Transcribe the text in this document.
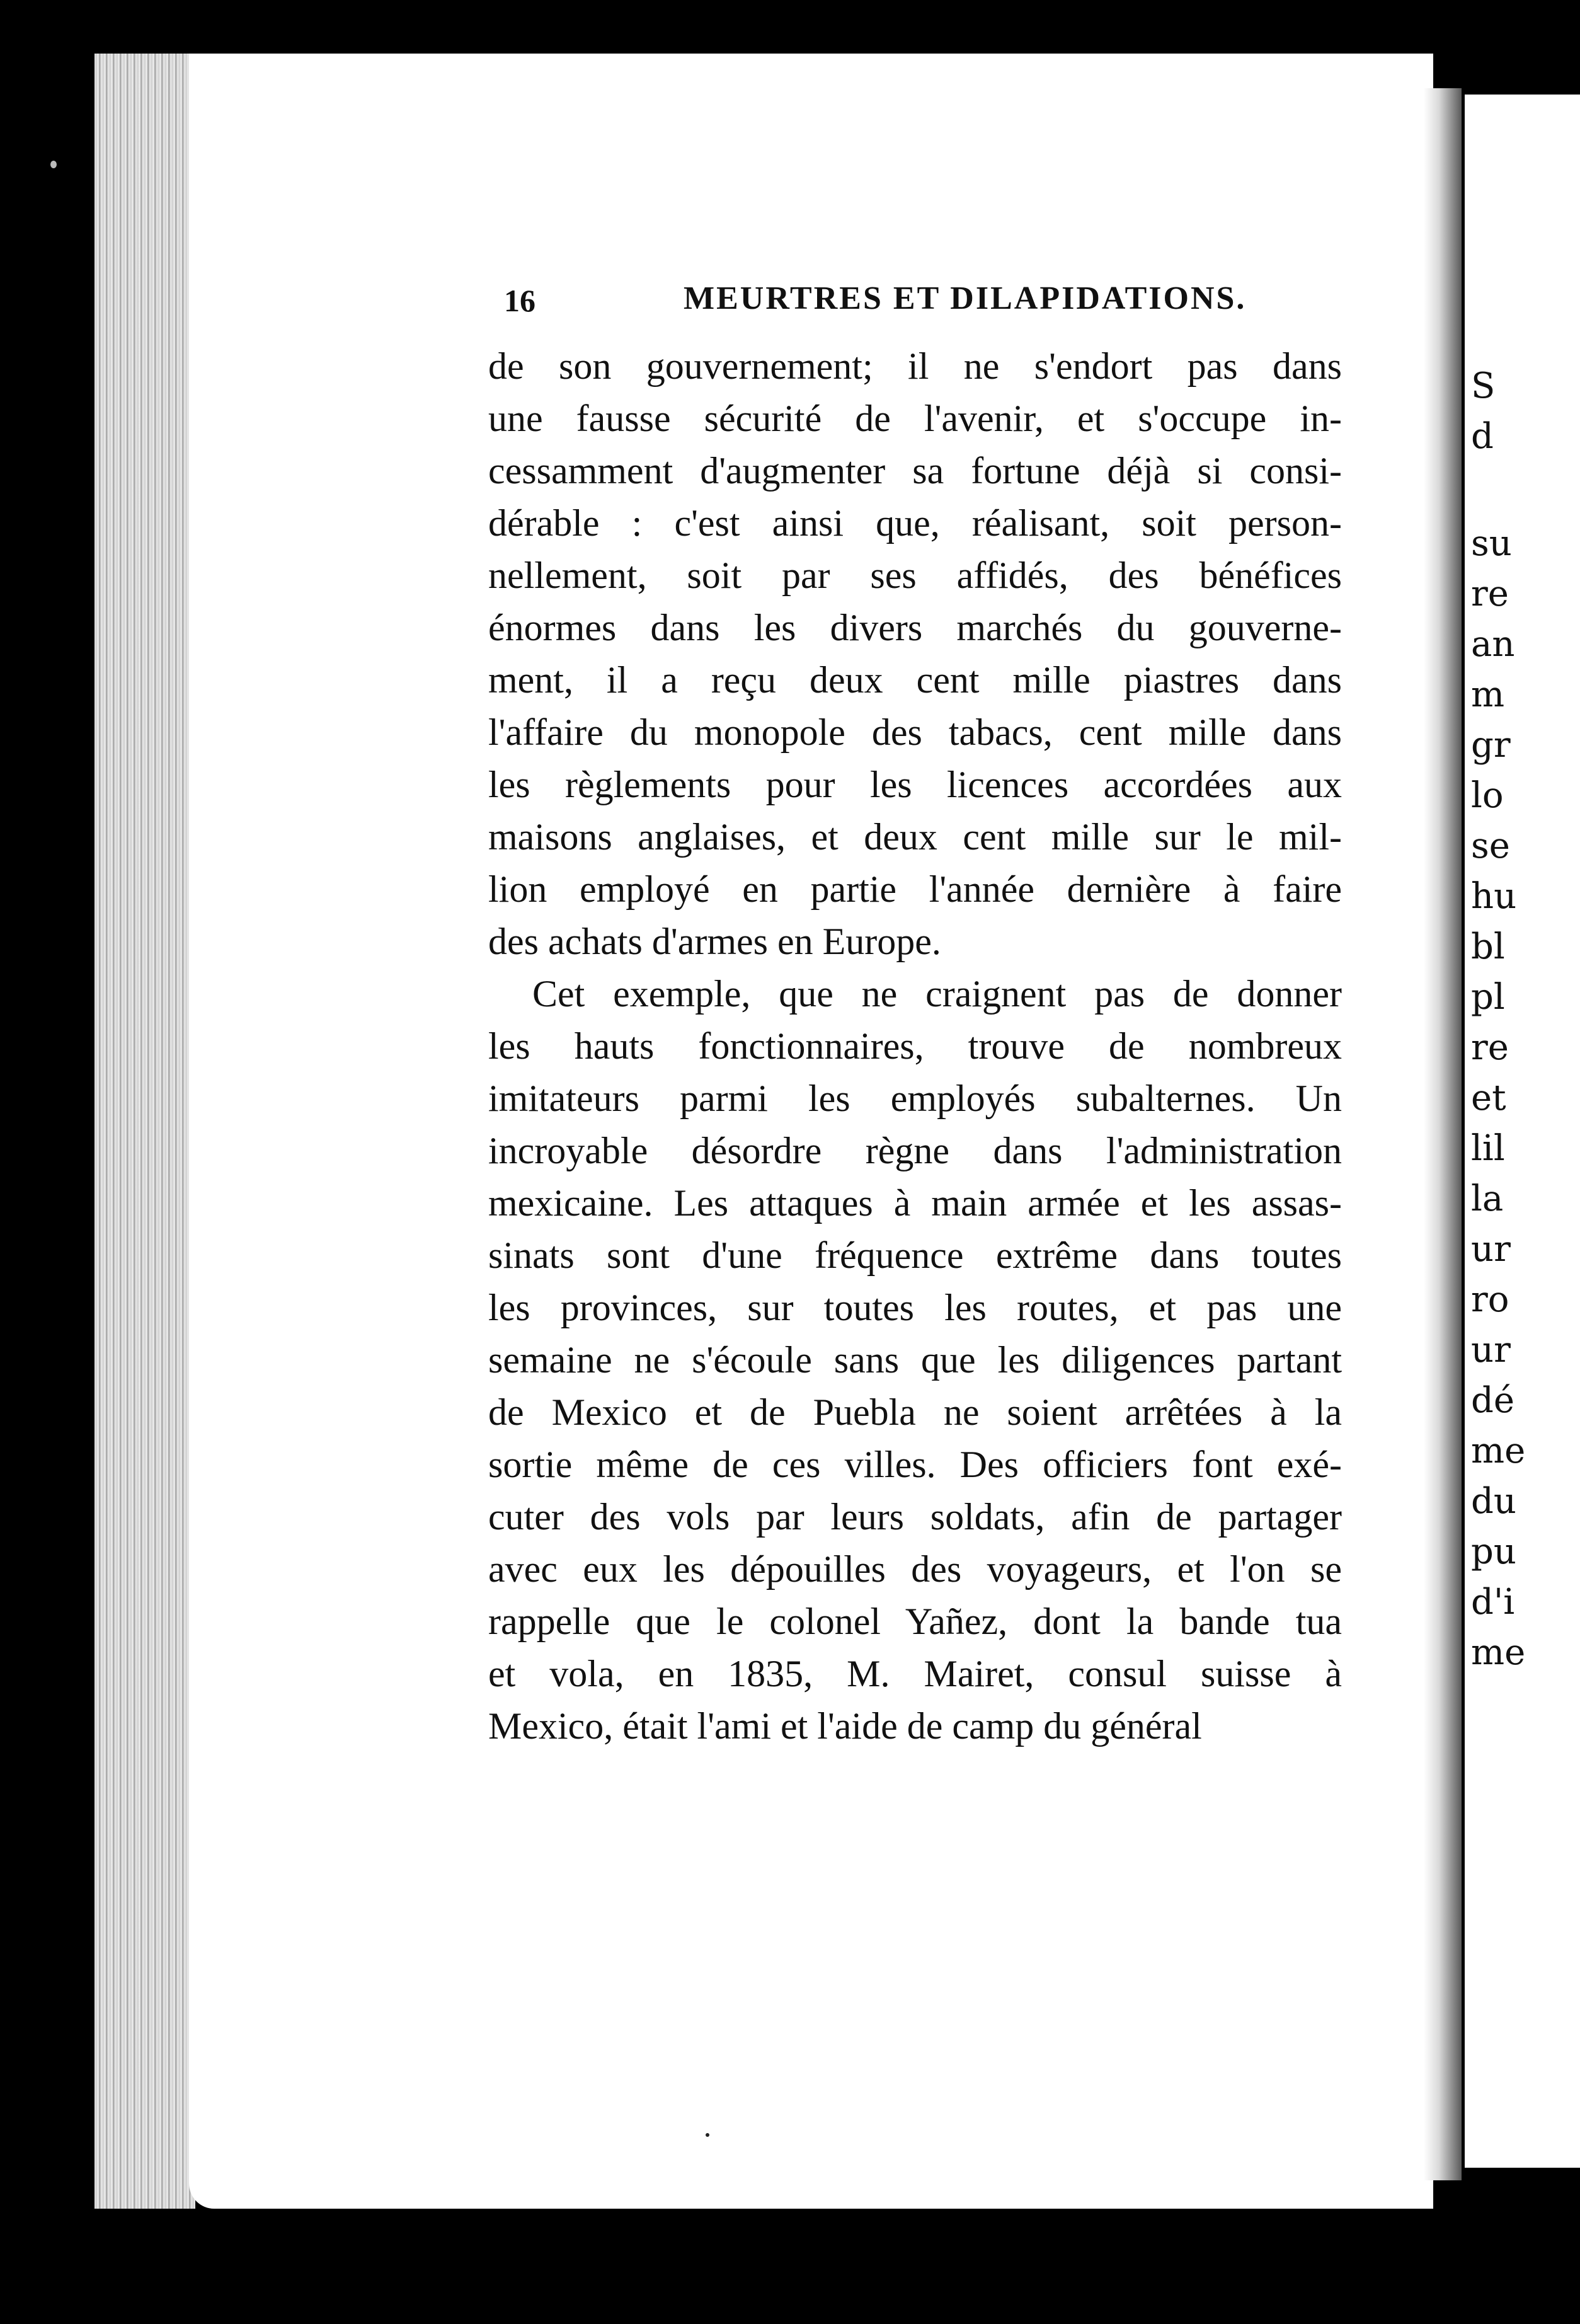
S
d
su
re
an
m
gr
lo
se
hu
bl
pl
re
et
lil
la
ur
ro
ur
dé
me
du
pu
d'i
me
16	MEURTRES ET DILAPIDATIONS.
de son gouvernement; il ne s'endort pas dans
une fausse sécurité de l'avenir, et s'occupe in-
cessamment d'augmenter sa fortune déjà si consi-
dérable : c'est ainsi que, réalisant, soit person-
nellement, soit par ses affidés, des bénéfices
énormes dans les divers marchés du gouverne-
ment, il a reçu deux cent mille piastres dans
l'affaire du monopole des tabacs, cent mille dans
les règlements pour les licences accordées aux
maisons anglaises, et deux cent mille sur le mil-
lion employé en partie l'année dernière à faire
des achats d'armes en Europe.
Cet exemple, que ne craignent pas de donner
les hauts fonctionnaires, trouve de nombreux
imitateurs parmi les employés subalternes. Un
incroyable désordre règne dans l'administration
mexicaine. Les attaques à main armée et les assas-
sinats sont d'une fréquence extrême dans toutes
les provinces, sur toutes les routes, et pas une
semaine ne s'écoule sans que les diligences partant
de Mexico et de Puebla ne soient arrêtées à la
sortie même de ces villes. Des officiers font exé-
cuter des vols par leurs soldats, afin de partager
avec eux les dépouilles des voyageurs, et l'on se
rappelle que le colonel Yañez, dont la bande tua
et vola, en 1835, M. Mairet, consul suisse à
Mexico, était l'ami et l'aide de camp du général
